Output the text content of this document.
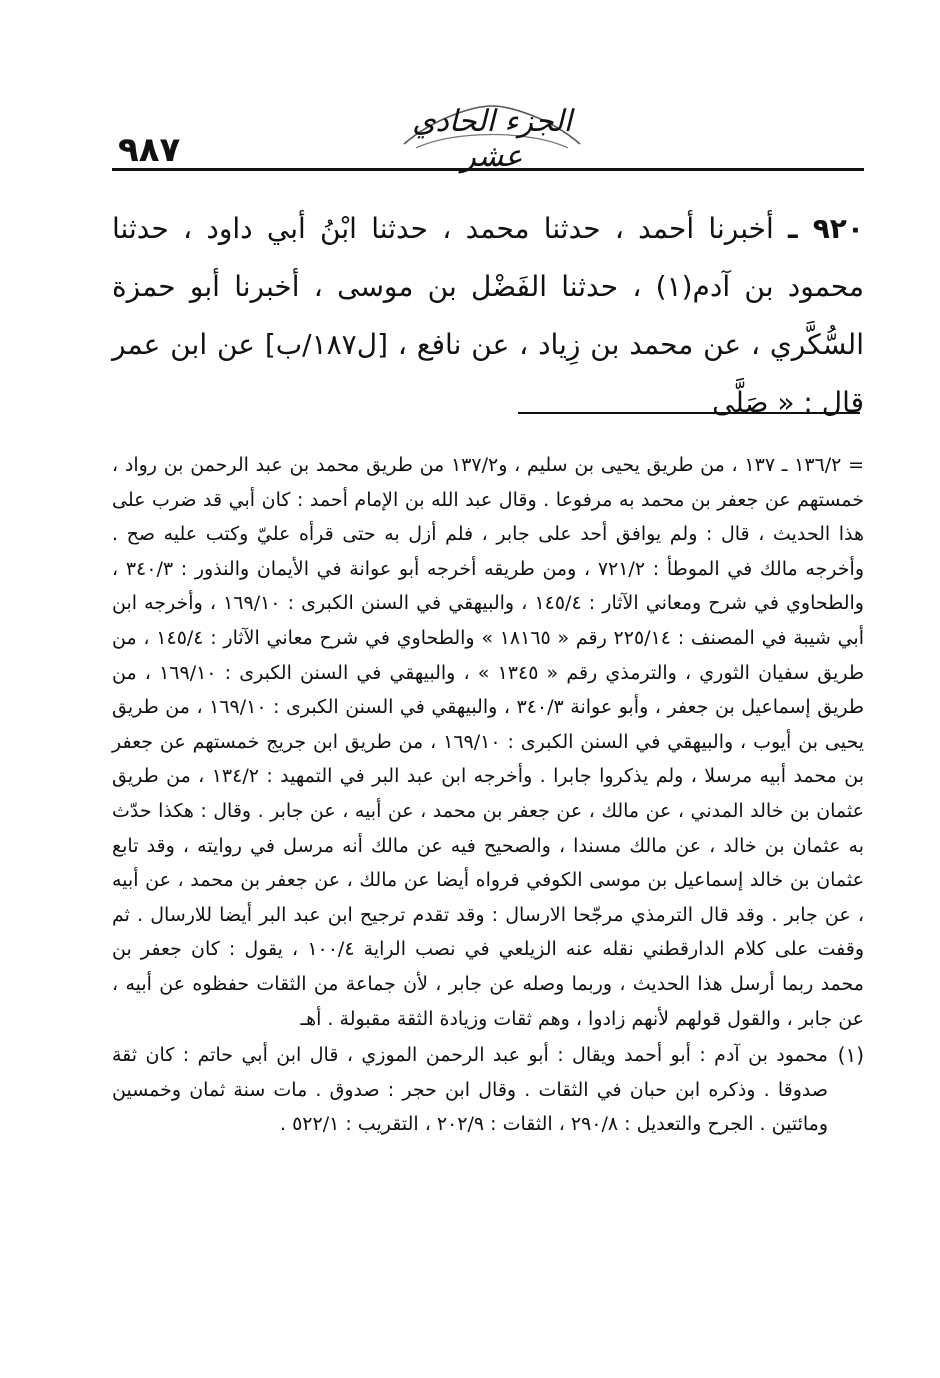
٩٨٧
الجزء الحادي عشر

٩٢٠ ـ أخبرنا أحمد ، حدثنا محمد ، حدثنا ابْنُ أبي داود ، حدثنا محمود بن آدم(١) ، حدثنا الفَضْل بن موسى ، أخبرنا أبو حمزة السُّكَّري ، عن محمد بن زِياد ، عن نافع ، [ل١٨٧/ب] عن ابن عمر قال : « صَلَّى

= ١٣٦/٢ ـ ١٣٧ ، من طريق يحيى بن سليم ، و١٣٧/٢ من طريق محمد بن عبد الرحمن بن رواد ، خمستهم عن جعفر بن محمد به مرفوعا . وقال عبد الله بن الإمام أحمد : كان أبي قد ضرب على هذا الحديث ، قال : ولم يوافق أحد على جابر ، فلم أزل به حتى قرأه عليّ وكتب عليه صح . وأخرجه مالك في الموطأ : ٧٢١/٢ ، ومن طريقه أخرجه أبو عوانة في الأيمان والنذور : ٣٤٠/٣ ، والطحاوي في شرح ومعاني الآثار : ١٤٥/٤ ، والبيهقي في السنن الكبرى : ١٦٩/١٠ ، وأخرجه ابن أبي شيبة في المصنف : ٢٢٥/١٤ رقم « ١٨١٦٥ » والطحاوي في شرح معاني الآثار : ١٤٥/٤ ، من طريق سفيان الثوري ، والترمذي رقم « ١٣٤٥ » ، والبيهقي في السنن الكبرى : ١٦٩/١٠ ، من طريق إسماعيل بن جعفر ، وأبو عوانة ٣٤٠/٣ ، والبيهقي في السنن الكبرى : ١٦٩/١٠ ، من طريق يحيى بن أيوب ، والبيهقي في السنن الكبرى : ١٦٩/١٠ ، من طريق ابن جريج خمستهم عن جعفر بن محمد أبيه مرسلا ، ولم يذكروا جابرا . وأخرجه ابن عبد البر في التمهيد : ١٣٤/٢ ، من طريق عثمان بن خالد المدني ، عن مالك ، عن جعفر بن محمد ، عن أبيه ، عن جابر . وقال : هكذا حدّث به عثمان بن خالد ، عن مالك مسندا ، والصحيح فيه عن مالك أنه مرسل في روايته ، وقد تابع عثمان بن خالد إسماعيل بن موسى الكوفي فرواه أيضا عن مالك ، عن جعفر بن محمد ، عن أبيه ، عن جابر . وقد قال الترمذي مرجّحا الارسال : وقد تقدم ترجيح ابن عبد البر أيضا للارسال . ثم وقفت على كلام الدارقطني نقله عنه الزيلعي في نصب الراية ١٠٠/٤ ، يقول : كان جعفر بن محمد ربما أرسل هذا الحديث ، وربما وصله عن جابر ، لأن جماعة من الثقات حفظوه عن أبيه ، عن جابر ، والقول قولهم لأنهم زادوا ، وهم ثقات وزيادة الثقة مقبولة . أهـ

(١)
محمود بن آدم : أبو أحمد ويقال : أبو عبد الرحمن الموزي ، قال ابن أبي حاتم : كان ثقة صدوقا . وذكره ابن حبان في الثقات . وقال ابن حجر : صدوق . مات سنة ثمان وخمسين ومائتين . الجرح والتعديل : ٢٩٠/٨ ، الثقات : ٢٠٢/٩ ، التقريب : ٥٢٢/١ .
